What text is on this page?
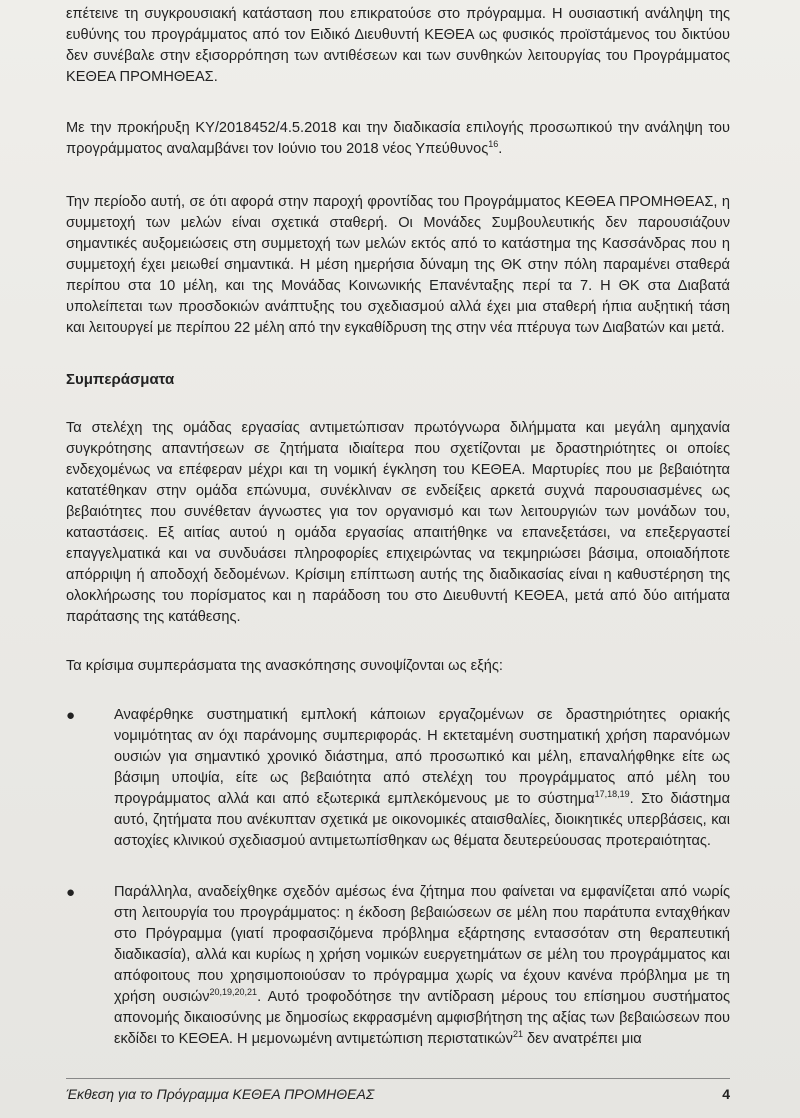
επέτεινε τη συγκρουσιακή κατάσταση που επικρατούσε στο πρόγραμμα. Η ουσιαστική ανάληψη της ευθύνης του προγράμματος από τον Ειδικό Διευθυντή ΚΕΘΕΑ ως φυσικός προϊστάμενος του δικτύου δεν συνέβαλε στην εξισορρόπηση των αντιθέσεων και των συνθηκών λειτουργίας του Προγράμματος ΚΕΘΕΑ ΠΡΟΜΗΘΕΑΣ.

Με την προκήρυξη ΚΥ/2018452/4.5.2018 και την διαδικασία επιλογής προσωπικού την ανάληψη του προγράμματος αναλαμβάνει τον Ιούνιο του 2018 νέος Υπεύθυνος$^{16}$.

Την περίοδο αυτή, σε ότι αφορά στην παροχή φροντίδας του Προγράμματος ΚΕΘΕΑ ΠΡΟΜΗΘΕΑΣ, η συμμετοχή των μελών είναι σχετικά σταθερή. Οι Μονάδες Συμβουλευτικής δεν παρουσιάζουν σημαντικές αυξομειώσεις στη συμμετοχή των μελών εκτός από το κατάστημα της Κασσάνδρας που η συμμετοχή έχει μειωθεί σημαντικά. Η μέση ημερήσια δύναμη της ΘΚ στην πόλη παραμένει σταθερά περίπου στα 10 μέλη, και της Μονάδας Κοινωνικής Επανένταξης περί τα 7. Η ΘΚ στα Διαβατά υπολείπεται των προσδοκιών ανάπτυξης του σχεδιασμού αλλά έχει μια σταθερή ήπια αυξητική τάση και λειτουργεί με περίπου 22 μέλη από την εγκαθίδρυση της στην νέα πτέρυγα των Διαβατών και μετά.

Συμπεράσματα

Τα στελέχη της ομάδας εργασίας αντιμετώπισαν πρωτόγνωρα διλήμματα και μεγάλη αμηχανία συγκρότησης απαντήσεων σε ζητήματα ιδιαίτερα που σχετίζονται με δραστηριότητες οι οποίες ενδεχομένως να επέφεραν μέχρι και τη νομική έγκληση του ΚΕΘΕΑ. Μαρτυρίες που με βεβαιότητα κατατέθηκαν στην ομάδα επώνυμα, συνέκλιναν σε ενδείξεις αρκετά συχνά παρουσιασμένες ως βεβαιότητες που συνέθεταν άγνωστες για τον οργανισμό και των λειτουργιών των μονάδων του, καταστάσεις. Εξ αιτίας αυτού η ομάδα εργασίας απαιτήθηκε να επανεξετάσει, να επεξεργαστεί επαγγελματικά και να συνδυάσει πληροφορίες επιχειρώντας να τεκμηριώσει βάσιμα, οποιαδήποτε απόρριψη ή αποδοχή δεδομένων. Κρίσιμη επίπτωση αυτής της διαδικασίας είναι η καθυστέρηση της ολοκλήρωσης του πορίσματος και η παράδοση του στο Διευθυντή ΚΕΘΕΑ, μετά από δύο αιτήματα παράτασης της κατάθεσης.

Τα κρίσιμα συμπεράσματα της ανασκόπησης συνοψίζονται ως εξής:

●	Αναφέρθηκε συστηματική εμπλοκή κάποιων εργαζομένων σε δραστηριότητες οριακής νομιμότητας αν όχι παράνομης συμπεριφοράς. Η εκτεταμένη συστηματική χρήση παρανόμων ουσιών για σημαντικό χρονικό διάστημα, από προσωπικό και μέλη, επαναλήφθηκε είτε ως βάσιμη υποψία, είτε ως βεβαιότητα από στελέχη του προγράμματος από μέλη του προγράμματος αλλά και από εξωτερικά εμπλεκόμενους με το σύστημα$^{17,18,19}$. Στο διάστημα αυτό, ζητήματα που ανέκυπταν σχετικά με οικονομικές αταισθαλίες, διοικητικές υπερβάσεις, και αστοχίες κλινικού σχεδιασμού αντιμετωπίσθηκαν ως θέματα δευτερεύουσας προτεραιότητας.

●	Παράλληλα, αναδείχθηκε σχεδόν αμέσως ένα ζήτημα που φαίνεται να εμφανίζεται από νωρίς στη λειτουργία του προγράμματος: η έκδοση βεβαιώσεων σε μέλη που παράτυπα ενταχθήκαν στο Πρόγραμμα (γιατί προφασιζόμενα πρόβλημα εξάρτησης εντασσόταν στη θεραπευτική διαδικασία), αλλά και κυρίως η χρήση νομικών ευεργετημάτων σε μέλη του προγράμματος και απόφοιτους που χρησιμοποιούσαν το πρόγραμμα χωρίς να έχουν κανένα πρόβλημα με τη χρήση ουσιών$^{20,19,20,21}$. Αυτό τροφοδότησε την αντίδραση μέρους του επίσημου συστήματος απονομής δικαιοσύνης με δημοσίως εκφρασμένη αμφισβήτηση της αξίας των βεβαιώσεων που εκδίδει το ΚΕΘΕΑ. Η μεμονωμένη αντιμετώπιση περιστατικών$^{21}$ δεν ανατρέπει μια

Έκθεση για το Πρόγραμμα ΚΕΘΕΑ ΠΡΟΜΗΘΕΑΣ	4
